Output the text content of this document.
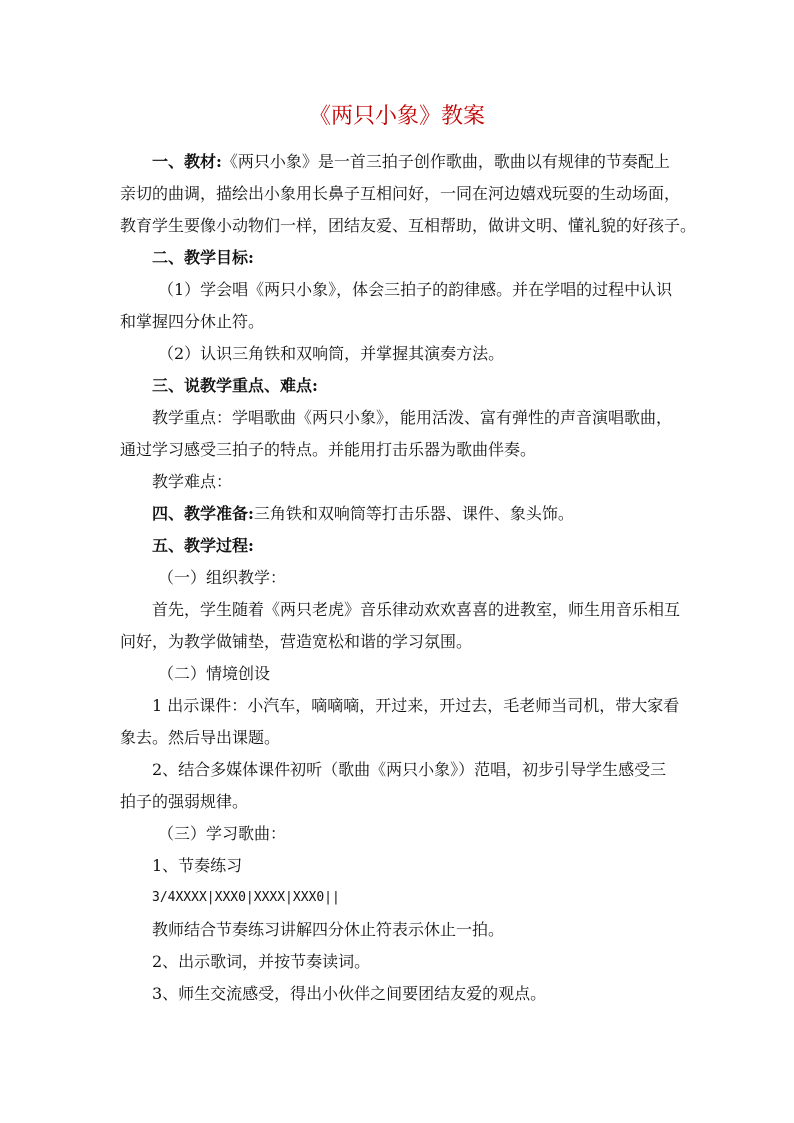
《两只小象》教案
一、教材:《两只小象》是一首三拍子创作歌曲，歌曲以有规律的节奏配上
亲切的曲调，描绘出小象用长鼻子互相问好，一同在河边嬉戏玩耍的生动场面，
教育学生要像小动物们一样，团结友爱、互相帮助，做讲文明、懂礼貌的好孩子。
二、教学目标:
（1）学会唱《两只小象》，体会三拍子的韵律感。并在学唱的过程中认识
和掌握四分休止符。
（2）认识三角铁和双响筒，并掌握其演奏方法。
三、说教学重点、难点:
教学重点：学唱歌曲《两只小象》，能用活泼、富有弹性的声音演唱歌曲，
通过学习感受三拍子的特点。并能用打击乐器为歌曲伴奏。
教学难点：
四、教学准备:三角铁和双响筒等打击乐器、课件、象头饰。
五、教学过程:
（一）组织教学：
首先，学生随着《两只老虎》音乐律动欢欢喜喜的进教室，师生用音乐相互
问好，为教学做铺垫，营造宽松和谐的学习氛围。
（二）情境创设
1 出示课件：小汽车，嘀嘀嘀，开过来，开过去，毛老师当司机，带大家看
象去。然后导出课题。
2、结合多媒体课件初听（歌曲《两只小象》）范唱，初步引导学生感受三
拍子的强弱规律。
（三）学习歌曲：
1、节奏练习
3/4XXXX|XXX0|XXXX|XXX0||
教师结合节奏练习讲解四分休止符表示休止一拍。
2、出示歌词，并按节奏读词。
3、师生交流感受，得出小伙伴之间要团结友爱的观点。
